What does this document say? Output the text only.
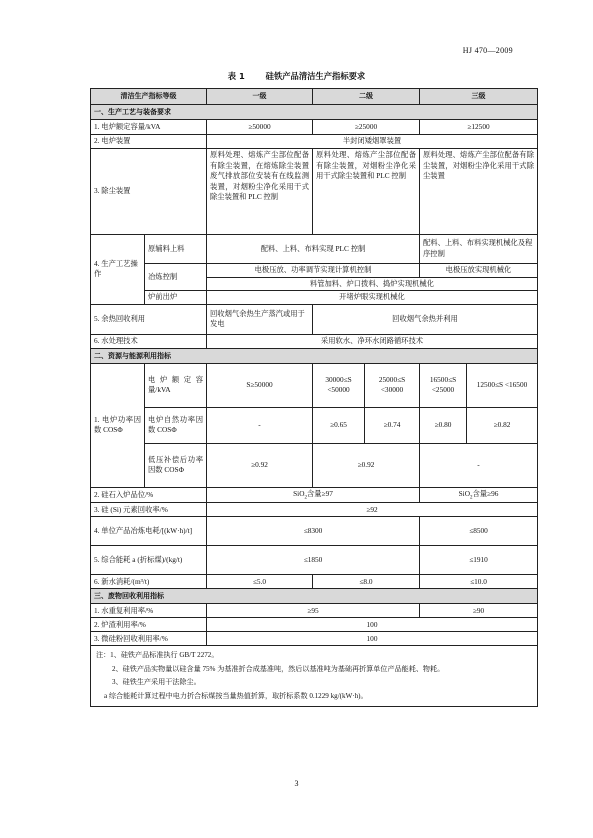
HJ 470—2009
表 1	硅铁产品清洁生产指标要求
清洁生产指标等级		一级	二级		三级	
一、生产工艺与装备要求						
1. 电炉额定容量/kVA		≥50000	≥25000		≥12500	
2. 电炉装置		半封闭矮烟罩装置				
3. 除尘装置		原料处理、熔炼产尘部位配备有除尘装置，在熔炼除尘装置废气排放部位安装有在线监测装置，对烟粉尘净化采用干式除尘装置和 PLC 控制	原料处理、熔炼产尘部位配备有除尘装置，对烟粉尘净化采用干式除尘装置和 PLC 控制		原料处理、熔炼产尘部位配备有除尘装置，对烟粉尘净化采用干式除尘装置	
4. 生产工艺操作	原辅料上料	配料、上料、布料实现 PLC 控制			配料、上料、布料实现机械化及程序控制	
	冶炼控制	电极压放、功率调节实现计算机控制			电极压放实现机械化	
		料管加料、炉口拨料、捣炉实现机械化				
	炉前出炉	开堵炉眼实现机械化				
5. 余热回收利用		回收烟气余热生产蒸汽或用于发电	回收烟气余热并利用			
6. 水处理技术		采用软水、净环水闭路循环技术				
二、资源与能源利用指标						
1. 电炉功率因数 COSΦ	电炉额定容量/kVA	S≥50000	30000≤S <50000	25000≤S <30000	16500≤S <25000	12500≤S <16500
	电炉自然功率因数 COSΦ	-	≥0.65	≥0.74	≥0.80	≥0.82
	低压补偿后功率因数 COSΦ	≥0.92	≥0.92		-	
2. 硅石入炉品位/%		SiO$_2$含量≥97			SiO$_2$含量≥96	
3. 硅 (Si) 元素回收率/%		≥92				
4. 单位产品冶炼电耗/[(kW·h)/t]		≤8300			≤8500	
5. 综合能耗 a (折标煤)/(kg/t)		≤1850			≤1910	
6. 新水消耗/(m³/t)		≤5.0	≤8.0		≤10.0	
三、废物回收利用指标						
1. 水重复利用率/%		≥95			≥90	
2. 炉渣利用率/%		100				
3. 微硅粉回收利用率/%		100				

注：1、硅铁产品标准执行 GB/T 2272。
2、硅铁产品实物量以硅含量 75% 为基准折合成基准吨，然后以基准吨为基础再折算单位产品能耗、物耗。
3、硅铁生产采用干法除尘。
a 综合能耗计算过程中电力折合标煤按当量热值折算，取折标系数 0.1229 kg/(kW·h)。						
3
